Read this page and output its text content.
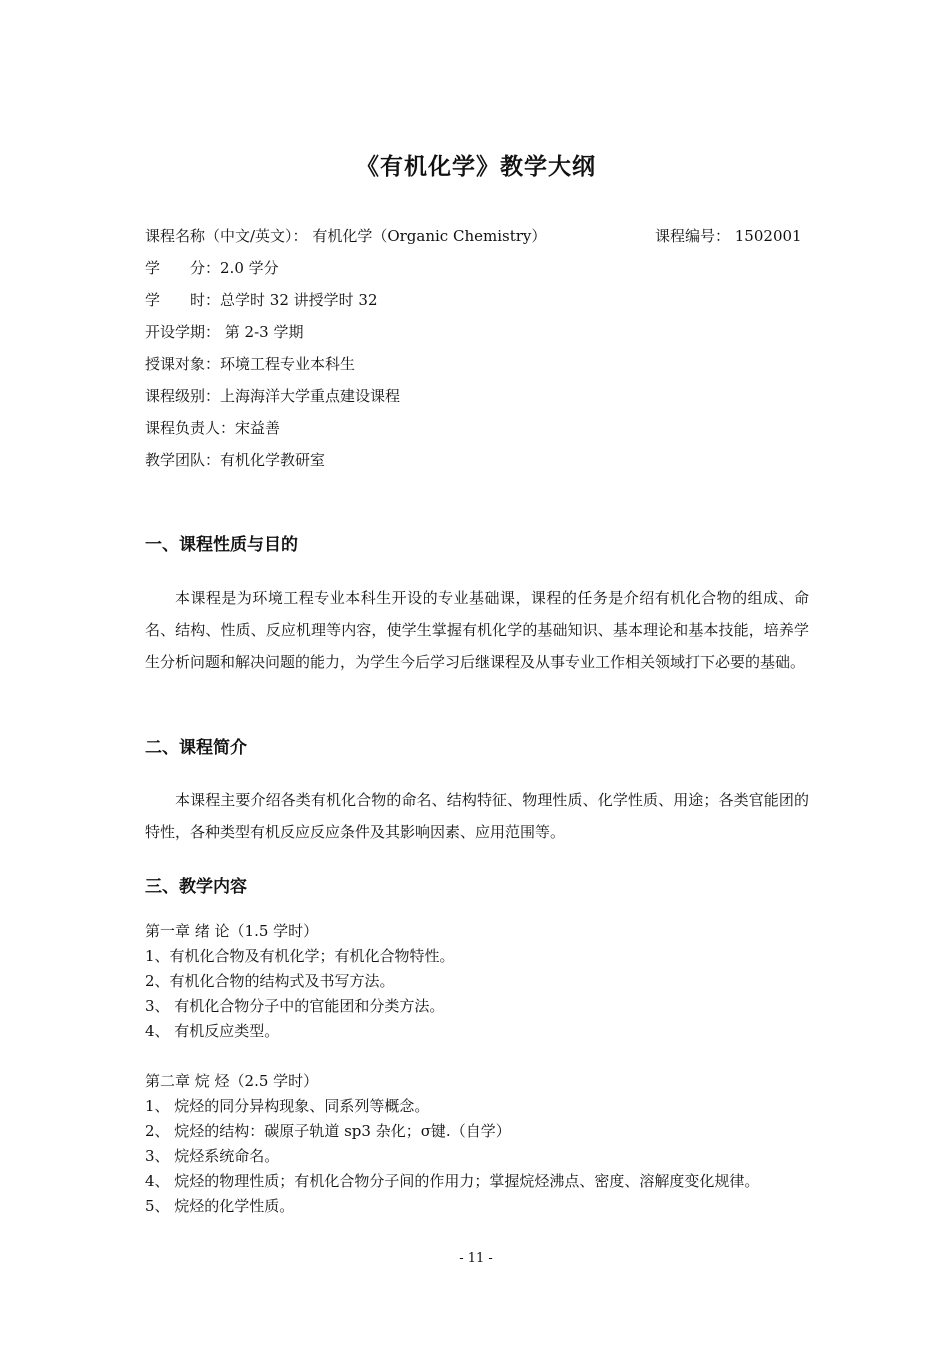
《有机化学》教学大纲
课程名称（中文/英文）： 有机化学（Organic Chemistry）	课程编号： 1502001
学 分：2.0 学分
学 时：总学时 32 讲授学时 32
开设学期： 第 2-3 学期
授课对象：环境工程专业本科生
课程级别：上海海洋大学重点建设课程
课程负责人：宋益善
教学团队：有机化学教研室
一、课程性质与目的
本课程是为环境工程专业本科生开设的专业基础课，课程的任务是介绍有机化合物的组成、命名、结构、性质、反应机理等内容，使学生掌握有机化学的基础知识、基本理论和基本技能，培养学生分析问题和解决问题的能力，为学生今后学习后继课程及从事专业工作相关领域打下必要的基础。
二、课程简介
本课程主要介绍各类有机化合物的命名、结构特征、物理性质、化学性质、用途；各类官能团的特性，各种类型有机反应反应条件及其影响因素、应用范围等。
三、教学内容
第一章 绪 论（1.5 学时）
1、有机化合物及有机化学；有机化合物特性。
2、有机化合物的结构式及书写方法。
3、 有机化合物分子中的官能团和分类方法。
4、 有机反应类型。
第二章 烷 烃（2.5 学时）
1、 烷烃的同分异构现象、同系列等概念。
2、 烷烃的结构：碳原子轨道 sp3 杂化；σ键.（自学）
3、 烷烃系统命名。
4、 烷烃的物理性质；有机化合物分子间的作用力；掌握烷烃沸点、密度、溶解度变化规律。
5、 烷烃的化学性质。
- 11 -
